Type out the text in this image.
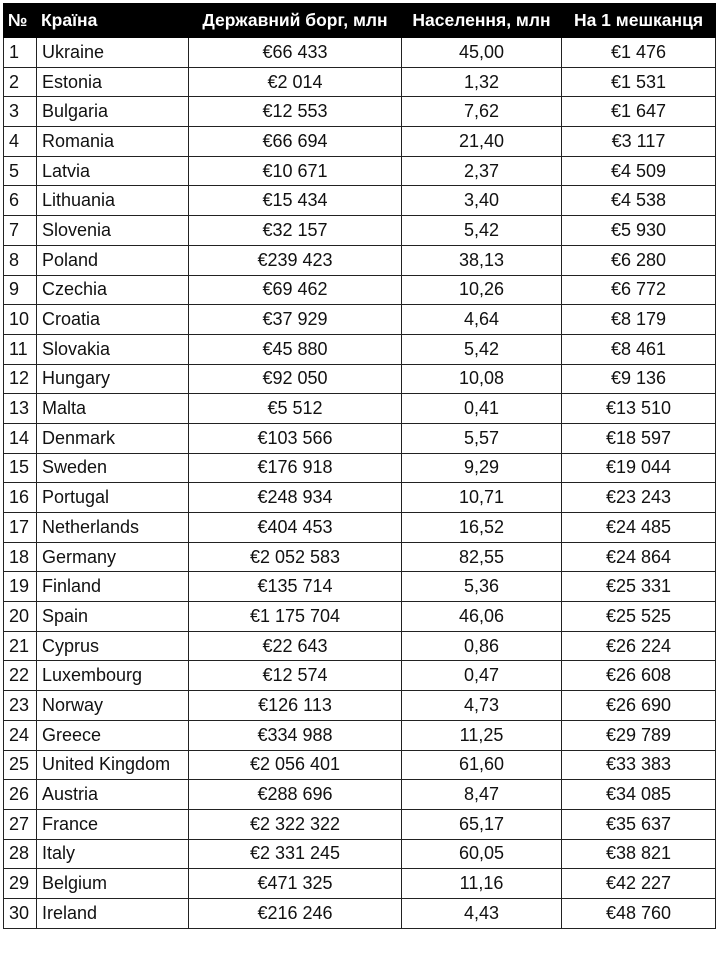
№	Країна	Державний борг, млн	Населення, млн	На 1 мешканця
1	Ukraine	€66 433	45,00	€1 476
2	Estonia	€2 014	1,32	€1 531
3	Bulgaria	€12 553	7,62	€1 647
4	Romania	€66 694	21,40	€3 117
5	Latvia	€10 671	2,37	€4 509
6	Lithuania	€15 434	3,40	€4 538
7	Slovenia	€32 157	5,42	€5 930
8	Poland	€239 423	38,13	€6 280
9	Czechia	€69 462	10,26	€6 772
10	Croatia	€37 929	4,64	€8 179
11	Slovakia	€45 880	5,42	€8 461
12	Hungary	€92 050	10,08	€9 136
13	Malta	€5 512	0,41	€13 510
14	Denmark	€103 566	5,57	€18 597
15	Sweden	€176 918	9,29	€19 044
16	Portugal	€248 934	10,71	€23 243
17	Netherlands	€404 453	16,52	€24 485
18	Germany	€2 052 583	82,55	€24 864
19	Finland	€135 714	5,36	€25 331
20	Spain	€1 175 704	46,06	€25 525
21	Cyprus	€22 643	0,86	€26 224
22	Luxembourg	€12 574	0,47	€26 608
23	Norway	€126 113	4,73	€26 690
24	Greece	€334 988	11,25	€29 789
25	United Kingdom	€2 056 401	61,60	€33 383
26	Austria	€288 696	8,47	€34 085
27	France	€2 322 322	65,17	€35 637
28	Italy	€2 331 245	60,05	€38 821
29	Belgium	€471 325	11,16	€42 227
30	Ireland	€216 246	4,43	€48 760
